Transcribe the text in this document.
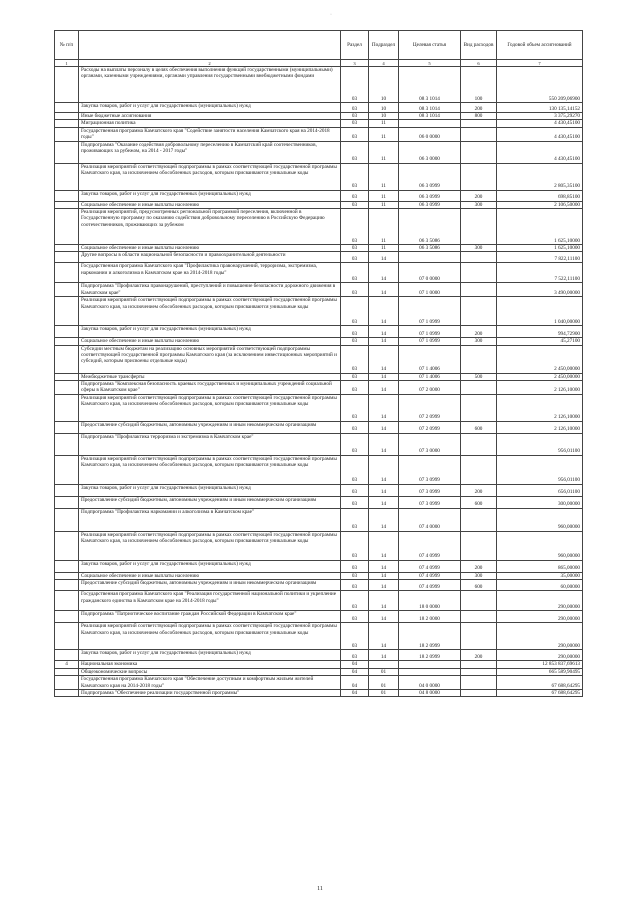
·
№ п/п		Раздел	Подраздел	Целевая статья	Вид расходов	Годовой объем ассигнований
1	2	3	4	5	6	7
	Расходы на выплаты персоналу в целях обеспечения выполнения функций государственными (муниципальными) органами, казенными учреждениями, органами управления государственными внебюджетными фондами	03	10	08 3 1014	100	550 209,06900
	Закупка товаров, работ и услуг для государственных (муниципальных) нужд	03	10	08 3 1014	200	130 135,14152
	Иные бюджетные ассигнования	03	10	08 3 1014	800	3 375,29270
	Миграционная политика	03	11			4 430,45100
	Государственная программа Камчатского края "Содействие занятости населения Камчатского края на 2014-2018 годы"	03	11	06 0 0000		4 430,45100
	Подпрограмма "Оказание содействия добровольному переселению в Камчатский край соотечественников, проживающих за рубежом, на 2014 - 2017 годы"	03	11	06 3 0000		4 430,45100
	Реализация мероприятий соответствующей подпрограммы в рамках соответствующей государственной программы Камчатского края, за исключением обособленных расходов, которым присваиваются уникальные коды	03	11	06 3 0999		2 805,35100
	Закупка товаров, работ и услуг для государственных (муниципальных) нужд	03	11	06 3 0999	200	698,85100
	Социальное обеспечение и иные выплаты населению	03	11	06 3 0999	300	2 106,50000
	Реализация мероприятий, предусмотренных региональной программой переселения, включенной в Государственную программу по оказанию содействия добровольному переселению в Российскую Федерацию соотечественников, проживающих за рубежом	03	11	06 3 5086		1 625,10000
	Социальное обеспечение и иные выплаты населению	03	11	06 3 5086	300	1 625,10000
	Другие вопросы в области национальной безопасности и правоохранительной деятельности	03	14			7 822,11100
	Государственная программа Камчатского края "Профилактика правонарушений, терроризма, экстремизма, наркомании и алкоголизма в Камчатском крае на 2014-2018 годы"	03	14	07 0 0000		7 522,11100
	Подпрограмма "Профилактика правонарушений, преступлений и повышение безопасности дорожного движения в Камчатском крае"	03	14	07 1 0000		3 490,00000
	Реализация мероприятий соответствующей подпрограммы в рамках соответствующей государственной программы Камчатского края, за исключением обособленных расходов, которым присваиваются уникальные коды	03	14	07 1 0999		1 040,00000
	Закупка товаров, работ и услуг для государственных (муниципальных) нужд	03	14	07 1 0999	200	994,72900
	Социальное обеспечение и иные выплаты населению	03	14	07 1 0999	300	45,27100
	Субсидии местным бюджетам на реализацию основных мероприятий соответствующей подпрограммы соответствующей государственной программы Камчатского края (за исключением инвестиционных мероприятий и субсидий, которым присвоены отдельные коды)	03	14	07 1 4006		2 450,00000
	Межбюджетные трансферты	03	14	07 1 4006	500	2 450,00000
	Подпрограмма "Комплексная безопасность краевых государственных и муниципальных учреждений социальной сферы в Камчатском крае"	03	14	07 2 0000		2 126,10000
	Реализация мероприятий соответствующей подпрограммы в рамках соответствующей государственной программы Камчатского края, за исключением обособленных расходов, которым присваиваются уникальные коды	03	14	07 2 0999		2 126,10000
	Предоставление субсидий бюджетным, автономным учреждениям и иным некоммерческим организациям	03	14	07 2 0999	600	2 126,10000
	Подпрограмма "Профилактика терроризма и экстремизма в Камчатском крае"	03	14	07 3 0000		956,01100
	Реализация мероприятий соответствующей подпрограммы в рамках соответствующей государственной программы Камчатского края, за исключением обособленных расходов, которым присваиваются уникальные коды	03	14	07 3 0999		956,01100
	Закупка товаров, работ и услуг для государственных (муниципальных) нужд	03	14	07 3 0999	200	656,01100
	Предоставление субсидий бюджетным, автономным учреждениям и иным некоммерческим организациям	03	14	07 3 0999	600	300,00000
	Подпрограмма "Профилактика наркомании и алкоголизма в Камчатском крае"	03	14	07 4 0000		960,00000
	Реализация мероприятий соответствующей подпрограммы в рамках соответствующей государственной программы Камчатского края, за исключением обособленных расходов, которым присваиваются уникальные коды	03	14	07 4 0999		960,00000
	Закупка товаров, работ и услуг для государственных (муниципальных) нужд	03	14	07 4 0999	200	865,00000
	Социальное обеспечение и иные выплаты населению	03	14	07 4 0999	300	35,00000
	Предоставление субсидий бюджетным, автономным учреждениям и иным некоммерческим организациям	03	14	07 4 0999	600	60,00000
	Государственная программа Камчатского края "Реализация государственной национальной политики и укрепление гражданского единства в Камчатском крае на 2014-2018 годы"	03	14	18 0 0000		290,00000
	Подпрограмма "Патриотическое воспитание граждан Российской Федерации в Камчатском крае"	03	14	18 2 0000		290,00000
	Реализация мероприятий соответствующей подпрограммы в рамках соответствующей государственной программы Камчатского края, за исключением обособленных расходов, которым присваиваются уникальные коды	03	14	18 2 0999		290,00000
	Закупка товаров, работ и услуг для государственных (муниципальных) нужд	03	14	18 2 0999	200	290,00000
4	Национальная экономика	04				12 853 837,69613
	Общеэкономические вопросы	04	01			665 589,90495
	Государственная программа Камчатского края "Обеспечение доступным и комфортным жильем жителей Камчатского края на 2014-2018 годы"	04	01	04 0 0000		67 688,64295
	Подпрограмма "Обеспечение реализации государственной программы"	04	01	04 8 0000		67 688,64295
11
